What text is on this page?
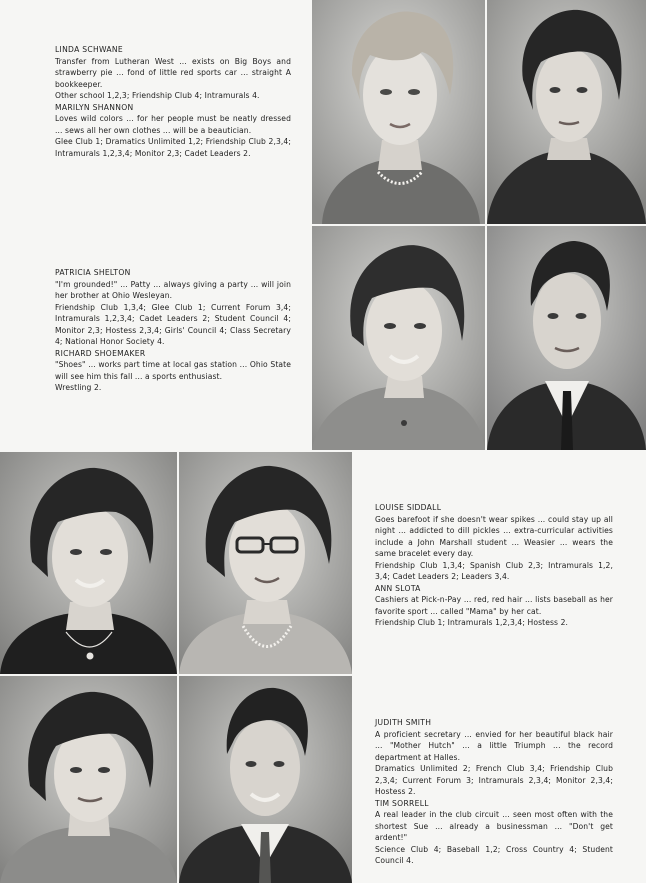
LINDA SCHWANE

Transfer from Lutheran West ... exists on Big Boys and strawberry pie ... fond of little red sports car ... straight A bookkeeper.

Other school 1,2,3; Friendship Club 4; Intramurals 4.

MARILYN SHANNON

Loves wild colors ... for her people must be neatly dressed ... sews all her own clothes ... will be a beautician.

Glee Club 1; Dramatics Unlimited 1,2; Friendship Club 2,3,4; Intramurals 1,2,3,4; Monitor 2,3; Cadet Leaders 2.

PATRICIA SHELTON

"I'm grounded!" ... Patty ... always giving a party ... will join her brother at Ohio Wesleyan.

Friendship Club 1,3,4; Glee Club 1; Current Forum 3,4; Intramurals 1,2,3,4; Cadet Leaders 2; Student Council 4; Monitor 2,3; Hostess 2,3,4; Girls' Council 4; Class Secretary 4; National Honor Society 4.

RICHARD SHOEMAKER

"Shoes" ... works part time at local gas station ... Ohio State will see him this fall ... a sports enthusiast.

Wrestling 2.

LOUISE SIDDALL

Goes barefoot if she doesn't wear spikes ... could stay up all night ... addicted to dill pickles ... extra-curricular activities include a John Marshall student ... Weasier ... wears the same bracelet every day.

Friendship Club 1,3,4; Spanish Club 2,3; Intramurals 1,2, 3,4; Cadet Leaders 2; Leaders 3,4.

ANN SLOTA

Cashiers at Pick-n-Pay ... red, red hair ... lists baseball as her favorite sport ... called "Mama" by her cat.

Friendship Club 1; Intramurals 1,2,3,4; Hostess 2.

JUDITH SMITH

A proficient secretary ... envied for her beautiful black hair ... "Mother Hutch" ... a little Triumph ... the record department at Halles.

Dramatics Unlimited 2; French Club 3,4; Friendship Club 2,3,4; Current Forum 3; Intramurals 2,3,4; Monitor 2,3,4; Hostess 2.

TIM SORRELL

A real leader in the club circuit ... seen most often with the shortest Sue ... already a businessman ... "Don't get ardent!"

Science Club 4; Baseball 1,2; Cross Country 4; Student Council 4.
